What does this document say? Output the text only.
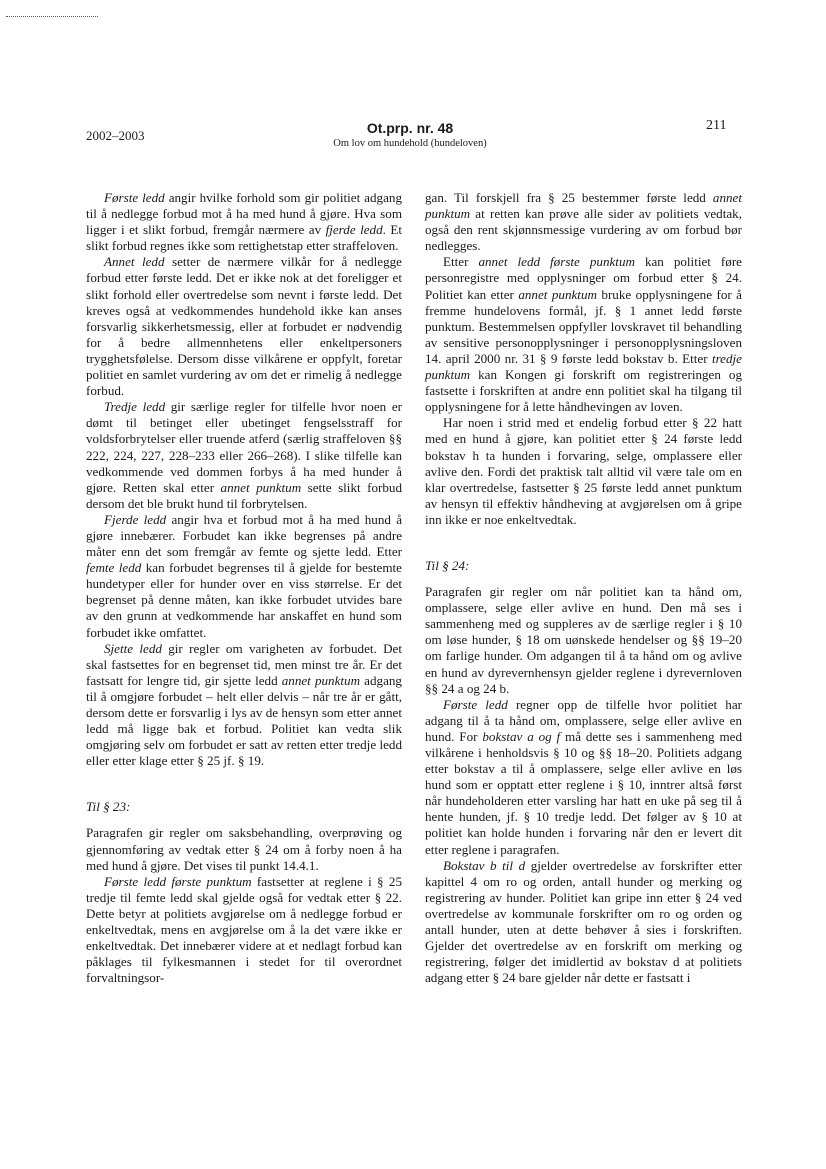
2002–2003	Ot.prp. nr. 48
Om lov om hundehold (hundeloven)
211

Første ledd angir hvilke forhold som gir politiet adgang til å nedlegge forbud mot å ha med hund å gjøre. Hva som ligger i et slikt forbud, fremgår nærmere av fjerde ledd. Et slikt forbud regnes ikke som rettighetstap etter straffeloven.

Annet ledd setter de nærmere vilkår for å nedlegge forbud etter første ledd. Det er ikke nok at det foreligger et slikt forhold eller overtredelse som nevnt i første ledd. Det kreves også at vedkommendes hundehold ikke kan anses forsvarlig sikkerhetsmessig, eller at forbudet er nødvendig for å bedre allmennhetens eller enkeltpersoners trygghetsfølelse. Dersom disse vilkårene er oppfylt, foretar politiet en samlet vurdering av om det er rimelig å nedlegge forbud.

Tredje ledd gir særlige regler for tilfelle hvor noen er dømt til betinget eller ubetinget fengselsstraff for voldsforbrytelser eller truende atferd (særlig straffeloven §§ 222, 224, 227, 228–233 eller 266–268). I slike tilfelle kan vedkommende ved dommen forbys å ha med hunder å gjøre. Retten skal etter annet punktum sette slikt forbud dersom det ble brukt hund til forbrytelsen.

Fjerde ledd angir hva et forbud mot å ha med hund å gjøre innebærer. Forbudet kan ikke begrenses på andre måter enn det som fremgår av femte og sjette ledd. Etter femte ledd kan forbudet begrenses til å gjelde for bestemte hundetyper eller for hunder over en viss størrelse. Er det begrenset på denne måten, kan ikke forbudet utvides bare av den grunn at vedkommende har anskaffet en hund som forbudet ikke omfattet.

Sjette ledd gir regler om varigheten av forbudet. Det skal fastsettes for en begrenset tid, men minst tre år. Er det fastsatt for lengre tid, gir sjette ledd annet punktum adgang til å omgjøre forbudet – helt eller delvis – når tre år er gått, dersom dette er forsvarlig i lys av de hensyn som etter annet ledd må ligge bak et forbud. Politiet kan vedta slik omgjøring selv om forbudet er satt av retten etter tredje ledd eller etter klage etter § 25 jf. § 19.

Til § 23:

Paragrafen gir regler om saksbehandling, overprøving og gjennomføring av vedtak etter § 24 om å forby noen å ha med hund å gjøre. Det vises til punkt 14.4.1.

Første ledd første punktum fastsetter at reglene i § 25 tredje til femte ledd skal gjelde også for vedtak etter § 22. Dette betyr at politiets avgjørelse om å nedlegge forbud er enkeltvedtak, mens en avgjørelse om å la det være ikke er enkeltvedtak. Det innebærer videre at et nedlagt forbud kan påklages til fylkesmannen i stedet for til overordnet forvaltningsor-

gan. Til forskjell fra § 25 bestemmer første ledd annet punktum at retten kan prøve alle sider av politiets vedtak, også den rent skjønnsmessige vurdering av om forbud bør nedlegges.

Etter annet ledd første punktum kan politiet føre personregistre med opplysninger om forbud etter § 24. Politiet kan etter annet punktum bruke opplysningene for å fremme hundelovens formål, jf. § 1 annet ledd første punktum. Bestemmelsen oppfyller lovskravet til behandling av sensitive personopplysninger i personopplysningsloven 14. april 2000 nr. 31 § 9 første ledd bokstav b. Etter tredje punktum kan Kongen gi forskrift om registreringen og fastsette i forskriften at andre enn politiet skal ha tilgang til opplysningene for å lette håndhevingen av loven.

Har noen i strid med et endelig forbud etter § 22 hatt med en hund å gjøre, kan politiet etter § 24 første ledd bokstav h ta hunden i forvaring, selge, omplassere eller avlive den. Fordi det praktisk talt alltid vil være tale om en klar overtredelse, fastsetter § 25 første ledd annet punktum av hensyn til effektiv håndheving at avgjørelsen om å gripe inn ikke er noe enkeltvedtak.

Til § 24:

Paragrafen gir regler om når politiet kan ta hånd om, omplassere, selge eller avlive en hund. Den må ses i sammenheng med og suppleres av de særlige regler i § 10 om løse hunder, § 18 om uønskede hendelser og §§ 19–20 om farlige hunder. Om adgangen til å ta hånd om og avlive en hund av dyrevernhensyn gjelder reglene i dyrevernloven §§ 24 a og 24 b.

Første ledd regner opp de tilfelle hvor politiet har adgang til å ta hånd om, omplassere, selge eller avlive en hund. For bokstav a og f må dette ses i sammenheng med vilkårene i henholdsvis § 10 og §§ 18–20. Politiets adgang etter bokstav a til å omplassere, selge eller avlive en løs hund som er opptatt etter reglene i § 10, inntrer altså først når hundeholderen etter varsling har hatt en uke på seg til å hente hunden, jf. § 10 tredje ledd. Det følger av § 10 at politiet kan holde hunden i forvaring når den er levert dit etter reglene i paragrafen.

Bokstav b til d gjelder overtredelse av forskrifter etter kapittel 4 om ro og orden, antall hunder og merking og registrering av hunder. Politiet kan gripe inn etter § 24 ved overtredelse av kommunale forskrifter om ro og orden og antall hunder, uten at dette behøver å sies i forskriften. Gjelder det overtredelse av en forskrift om merking og registrering, følger det imidlertid av bokstav d at politiets adgang etter § 24 bare gjelder når dette er fastsatt i
